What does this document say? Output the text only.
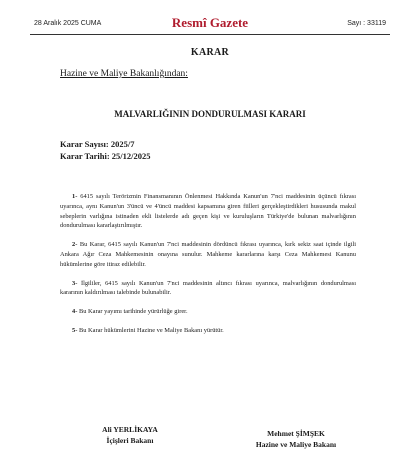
28 Aralık 2025 CUMA	Resmî Gazete	Sayı : 33119
KARAR
Hazine ve Maliye Bakanlığından:
MALVARLIĞININ DONDURULMASI KARARI
Karar Sayısı: 2025/7
Karar Tarihi: 25/12/2025

1- 6415 sayılı Terörizmin Finansmanının Önlenmesi Hakkında Kanun'un 7'nci maddesinin üçüncü fıkrası uyarınca, aynı Kanun'un 3'üncü ve 4'üncü maddesi kapsamına giren fiilleri gerçekleştirdikleri hususunda makul sebeplerin varlığına istinaden ekli listelerde adı geçen kişi ve kuruluşların Türkiye'de bulunan malvarlığının dondurulması kararlaştırılmıştır.

2- Bu Karar, 6415 sayılı Kanun'un 7'nci maddesinin dördüncü fıkrası uyarınca, kırk sekiz saat içinde ilgili Ankara Ağır Ceza Mahkemesinin onayına sunulur. Mahkeme kararlarına karşı Ceza Mahkemesi Kanunu hükümlerine göre itiraz edilebilir.

3- İlgililer, 6415 sayılı Kanun'un 7'nci maddesinin altıncı fıkrası uyarınca, malvarlığının dondurulması kararının kaldırılması talebinde bulunabilir.

4- Bu Karar yayımı tarihinde yürürlüğe girer.

5- Bu Karar hükümlerini Hazine ve Maliye Bakanı yürütür.

Ali YERLİKAYA
İçişleri Bakanı
Mehmet ŞİMŞEK
Hazine ve Maliye Bakanı
